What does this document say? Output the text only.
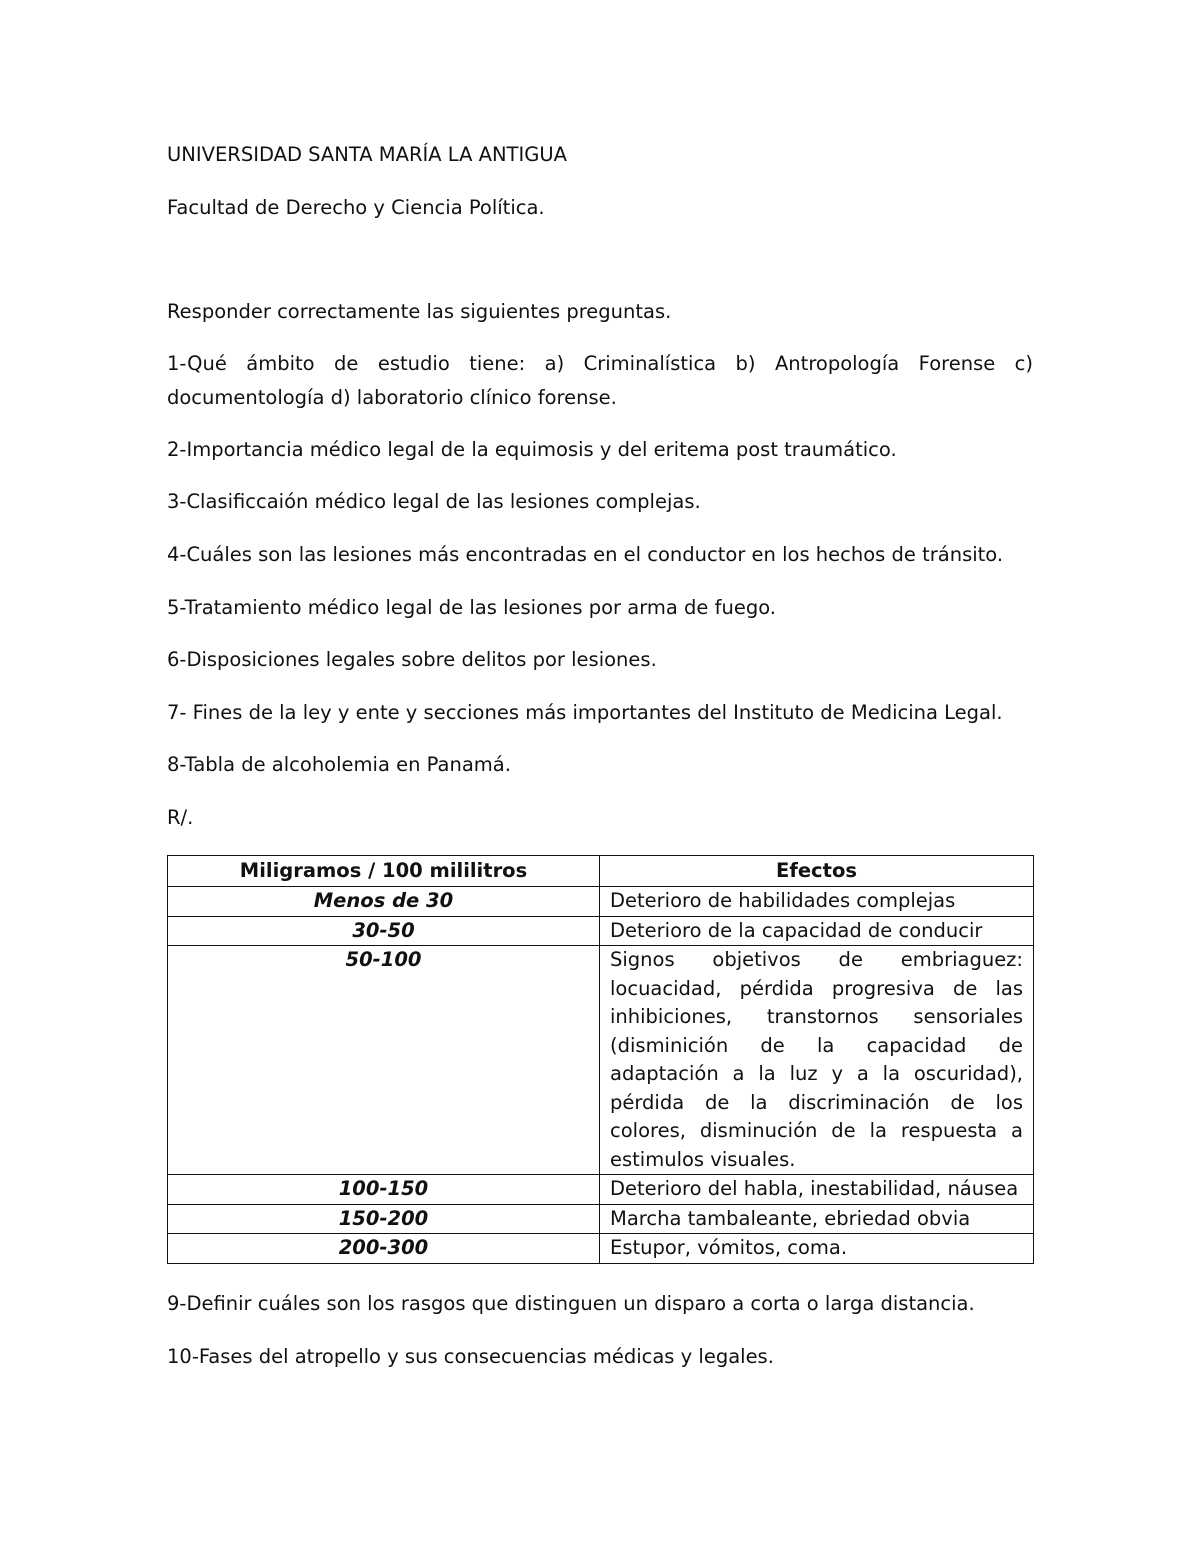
UNIVERSIDAD SANTA MARÍA LA ANTIGUA

Facultad de Derecho y Ciencia Política.

Responder correctamente las siguientes preguntas.

1-Qué ámbito de estudio tiene: a) Criminalística b) Antropología Forense c) documentología d) laboratorio clínico forense.

2-Importancia médico legal de la equimosis y del eritema post traumático.

3-Clasificcaión médico legal de las lesiones complejas.

4-Cuáles son las lesiones más encontradas en el conductor en los hechos de tránsito.

5-Tratamiento médico legal de las lesiones por arma de fuego.

6-Disposiciones legales sobre delitos por lesiones.

7- Fines de la ley y ente y secciones más importantes del Instituto de Medicina Legal.

8-Tabla de alcoholemia en Panamá.

R/.

Miligramos / 100 mililitros	Efectos
Menos de 30	Deterioro de habilidades complejas
30-50	Deterioro de la capacidad de conducir
50-100	Signos objetivos de embriaguez: locuacidad, pérdida progresiva de las inhibiciones, transtornos sensoriales (disminición de la capacidad de adaptación a la luz y a la oscuridad), pérdida de la discriminación de los colores, disminución de la respuesta a estimulos visuales.
100-150	Deterioro del habla, inestabilidad, náusea
150-200	Marcha tambaleante, ebriedad obvia
200-300	Estupor, vómitos, coma.

9-Definir cuáles son los rasgos que distinguen un disparo a corta o larga distancia.

10-Fases del atropello y sus consecuencias médicas y legales.
